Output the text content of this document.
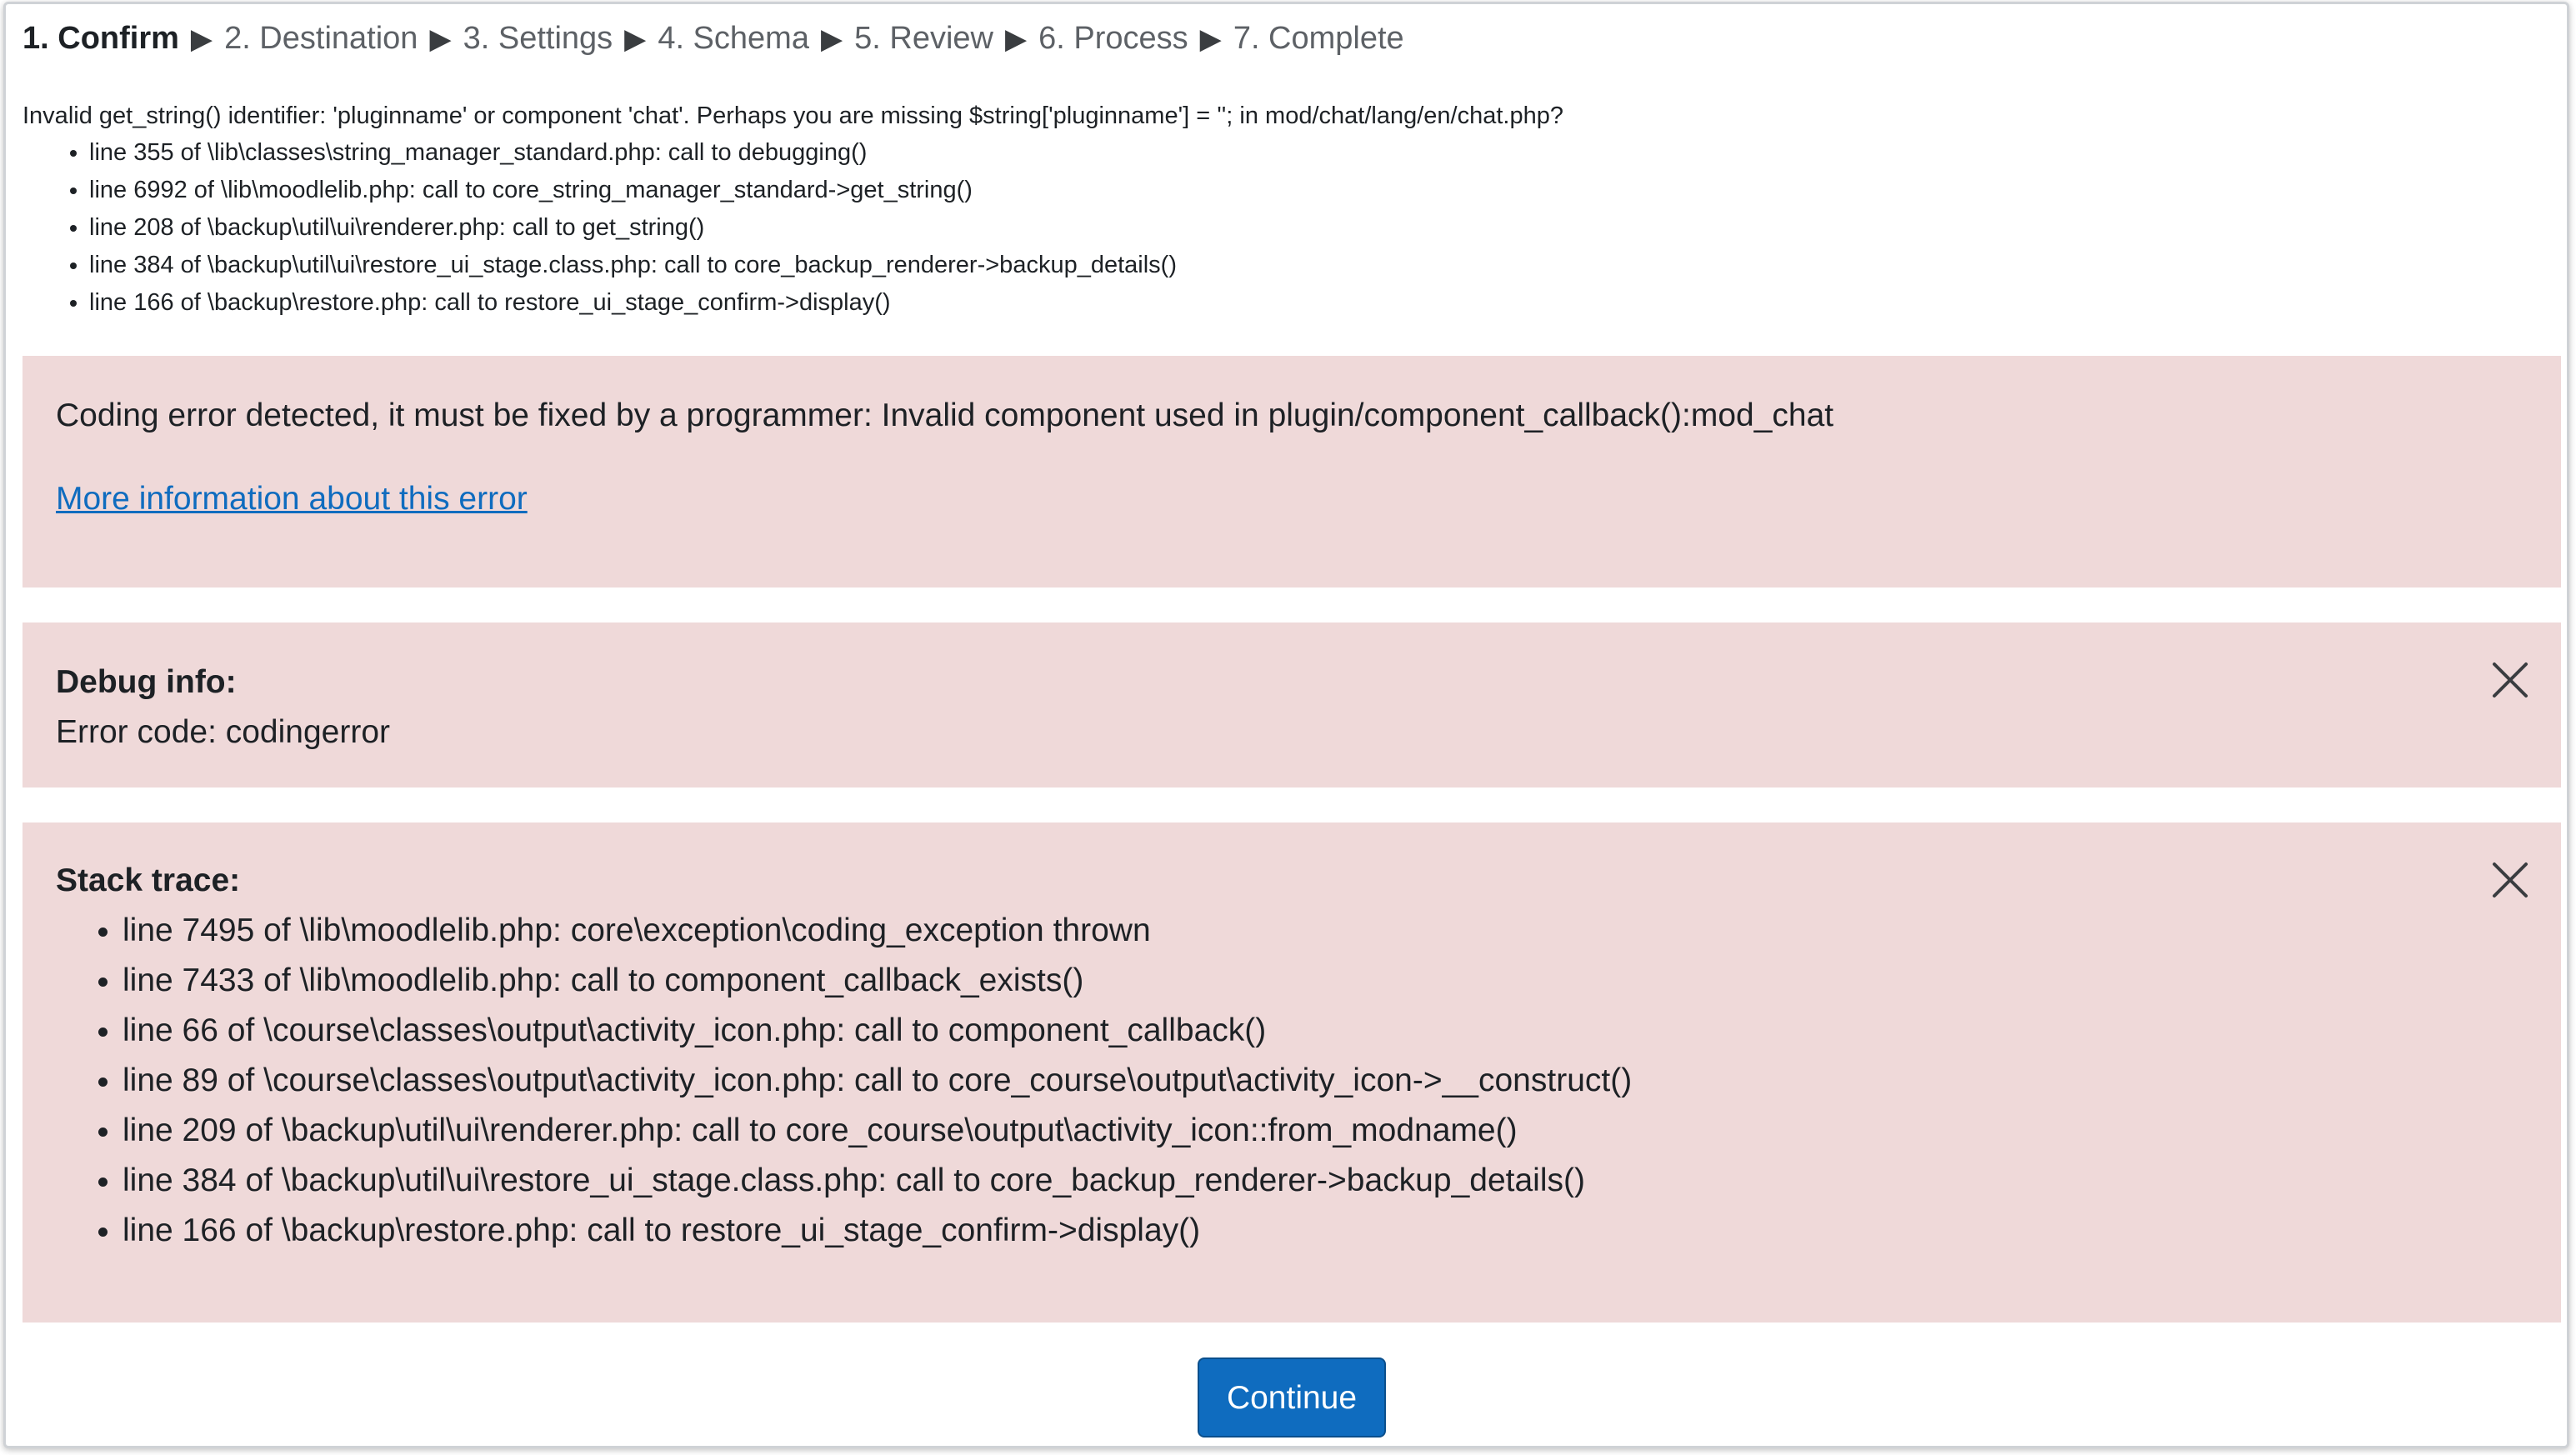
1. Confirm ▶ 2. Destination ▶ 3. Settings ▶ 4. Schema ▶ 5. Review ▶ 6. Process ▶ 7. Complete
Invalid get_string() identifier: 'pluginname' or component 'chat'. Perhaps you are missing $string['pluginname'] = ''; in mod/chat/lang/en/chat.php?
• line 355 of \lib\classes\string_manager_standard.php: call to debugging()
• line 6992 of \lib\moodlelib.php: call to core_string_manager_standard->get_string()
• line 208 of \backup\util\ui\renderer.php: call to get_string()
• line 384 of \backup\util\ui\restore_ui_stage.class.php: call to core_backup_renderer->backup_details()
• line 166 of \backup\restore.php: call to restore_ui_stage_confirm->display()
Coding error detected, it must be fixed by a programmer: Invalid component used in plugin/component_callback():mod_chat
More information about this error
Debug info:
Error code: codingerror
Stack trace:
• line 7495 of \lib\moodlelib.php: core\exception\coding_exception thrown
• line 7433 of \lib\moodlelib.php: call to component_callback_exists()
• line 66 of \course\classes\output\activity_icon.php: call to component_callback()
• line 89 of \course\classes\output\activity_icon.php: call to core_course\output\activity_icon->__construct()
• line 209 of \backup\util\ui\renderer.php: call to core_course\output\activity_icon::from_modname()
• line 384 of \backup\util\ui\restore_ui_stage.class.php: call to core_backup_renderer->backup_details()
• line 166 of \backup\restore.php: call to restore_ui_stage_confirm->display()
Continue
